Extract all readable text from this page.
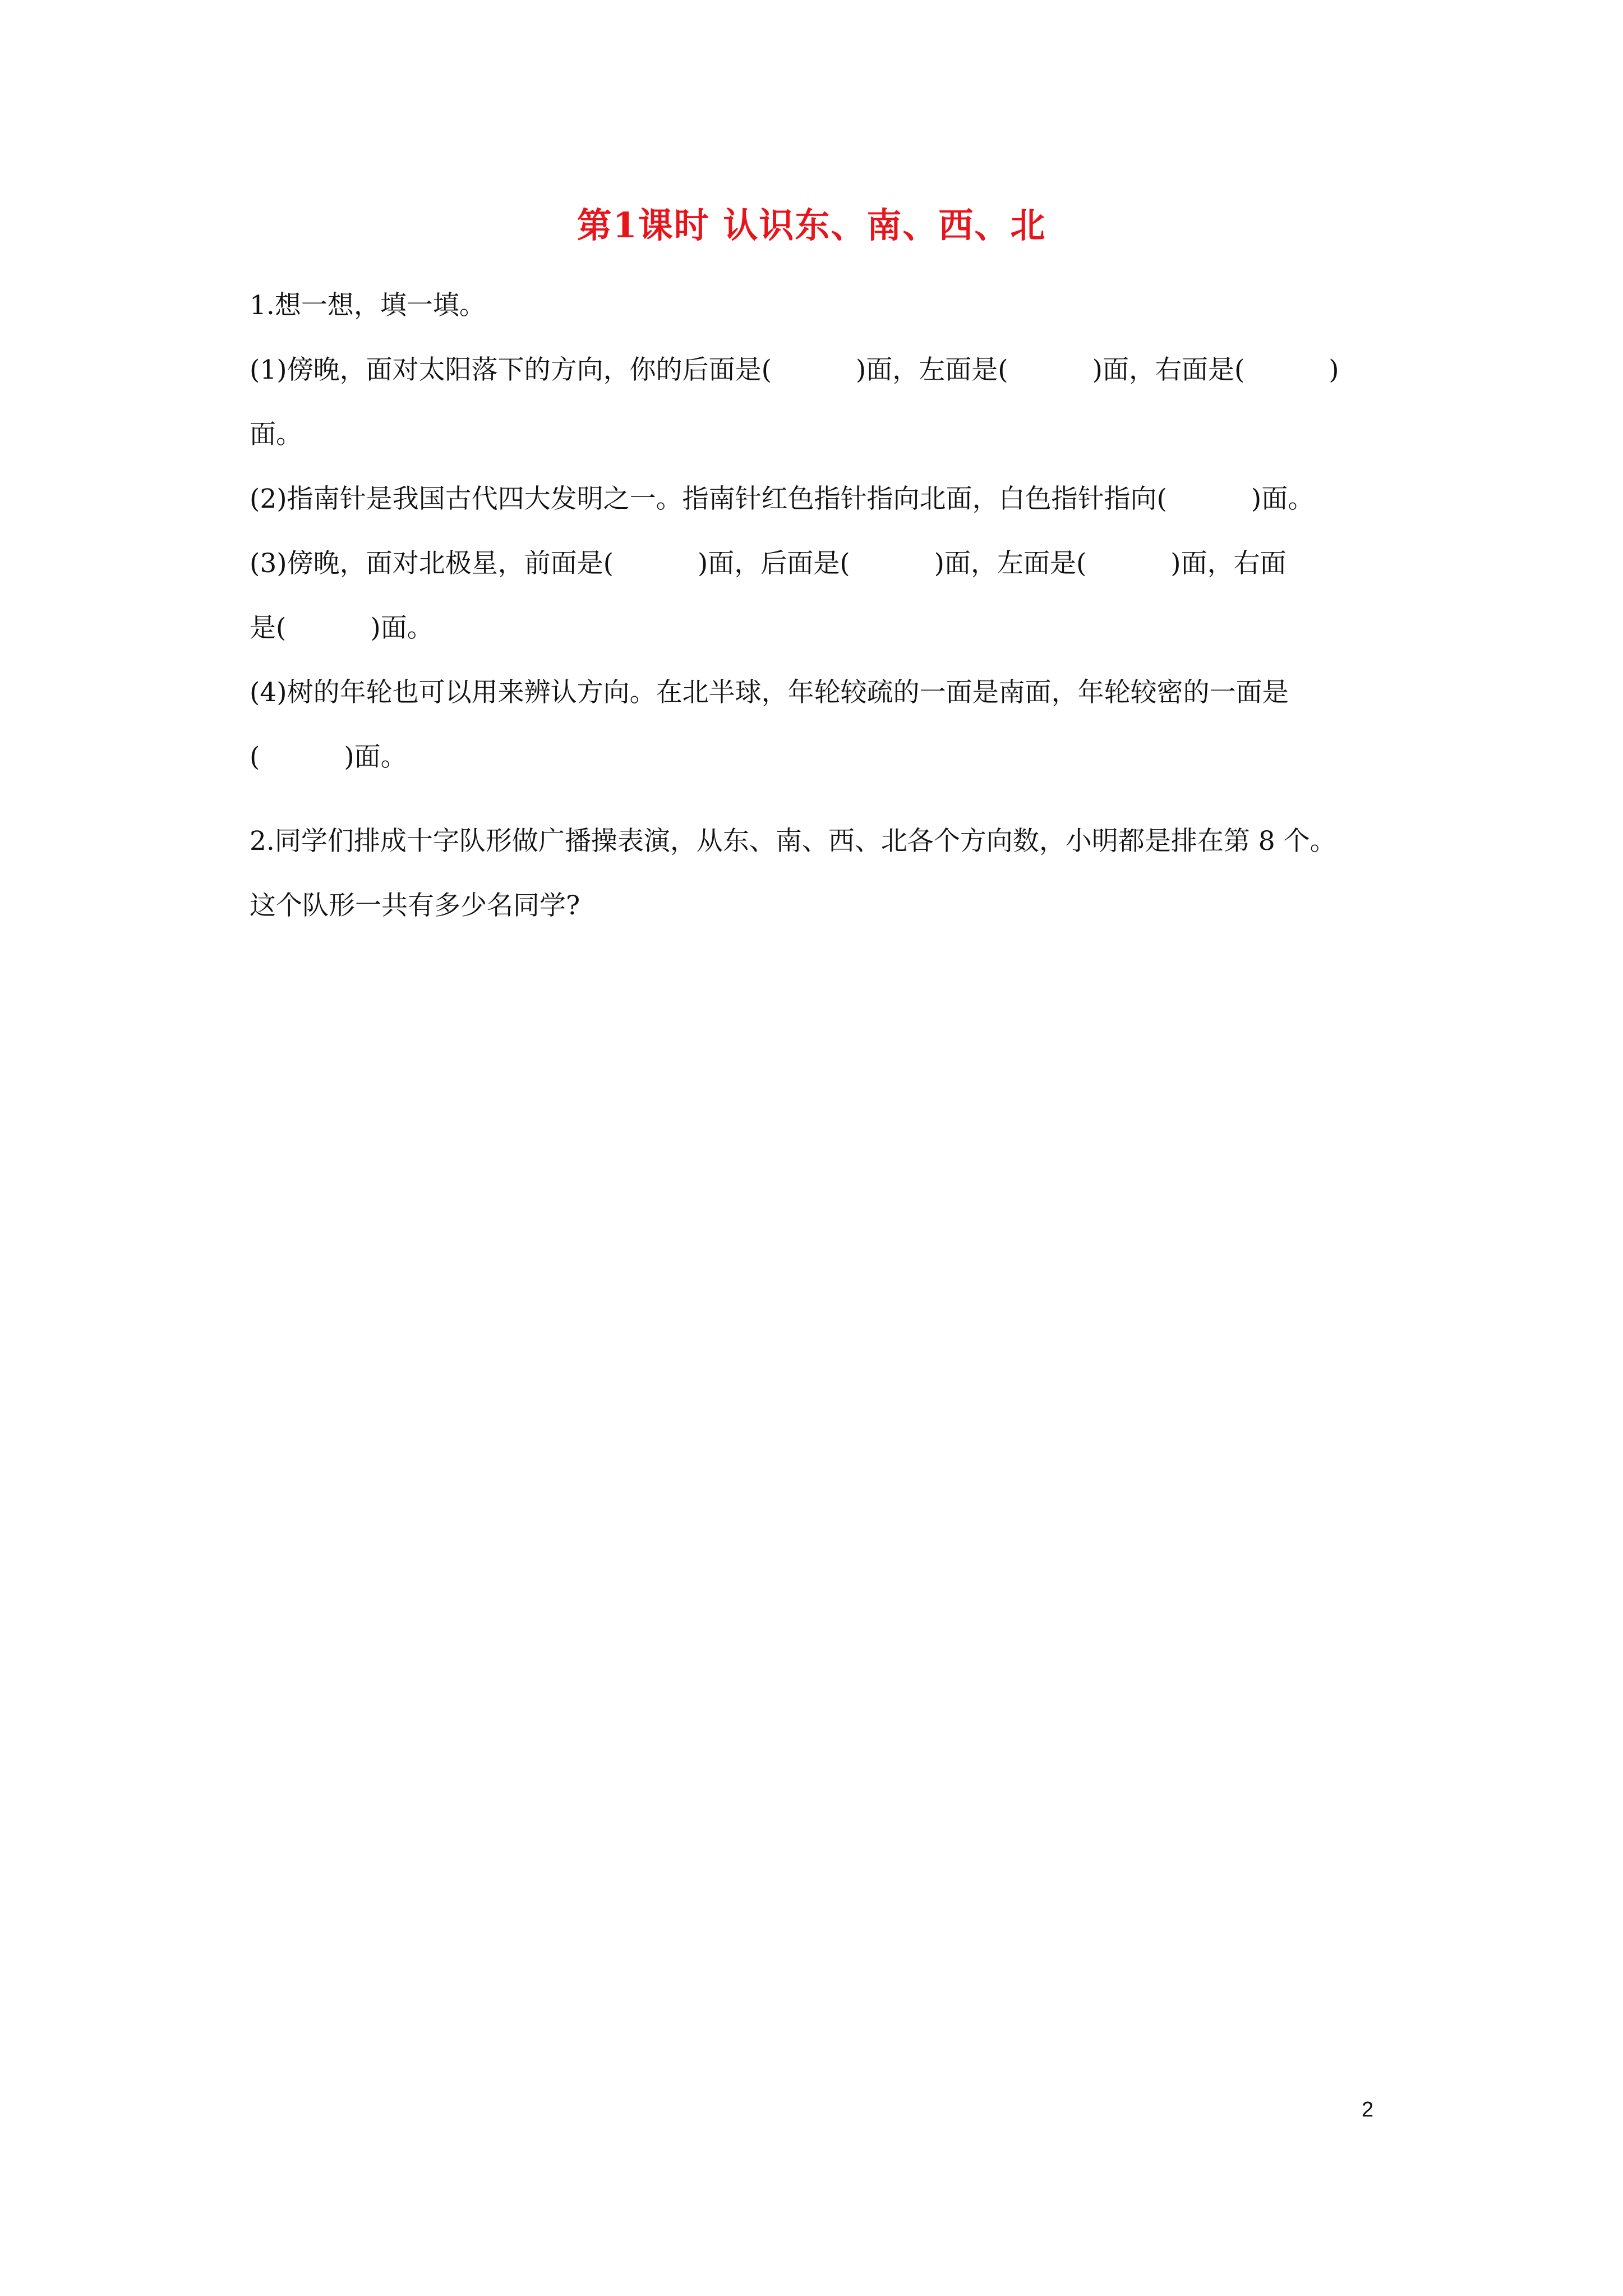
第1课时 认识东、南、西、北
1.想一想，填一填。
(1)傍晚，面对太阳落下的方向，你的后面是(	)面，左面是(	)面，右面是(	)
面。
(2)指南针是我国古代四大发明之一。指南针红色指针指向北面，白色指针指向(	)面。
(3)傍晚，面对北极星，前面是(	)面，后面是(	)面，左面是(	)面，右面
是(	)面。
(4)树的年轮也可以用来辨认方向。在北半球，年轮较疏的一面是南面，年轮较密的一面是
(	)面。
2.同学们排成十字队形做广播操表演，从东、南、西、北各个方向数，小明都是排在第 8 个。
这个队形一共有多少名同学?
2
